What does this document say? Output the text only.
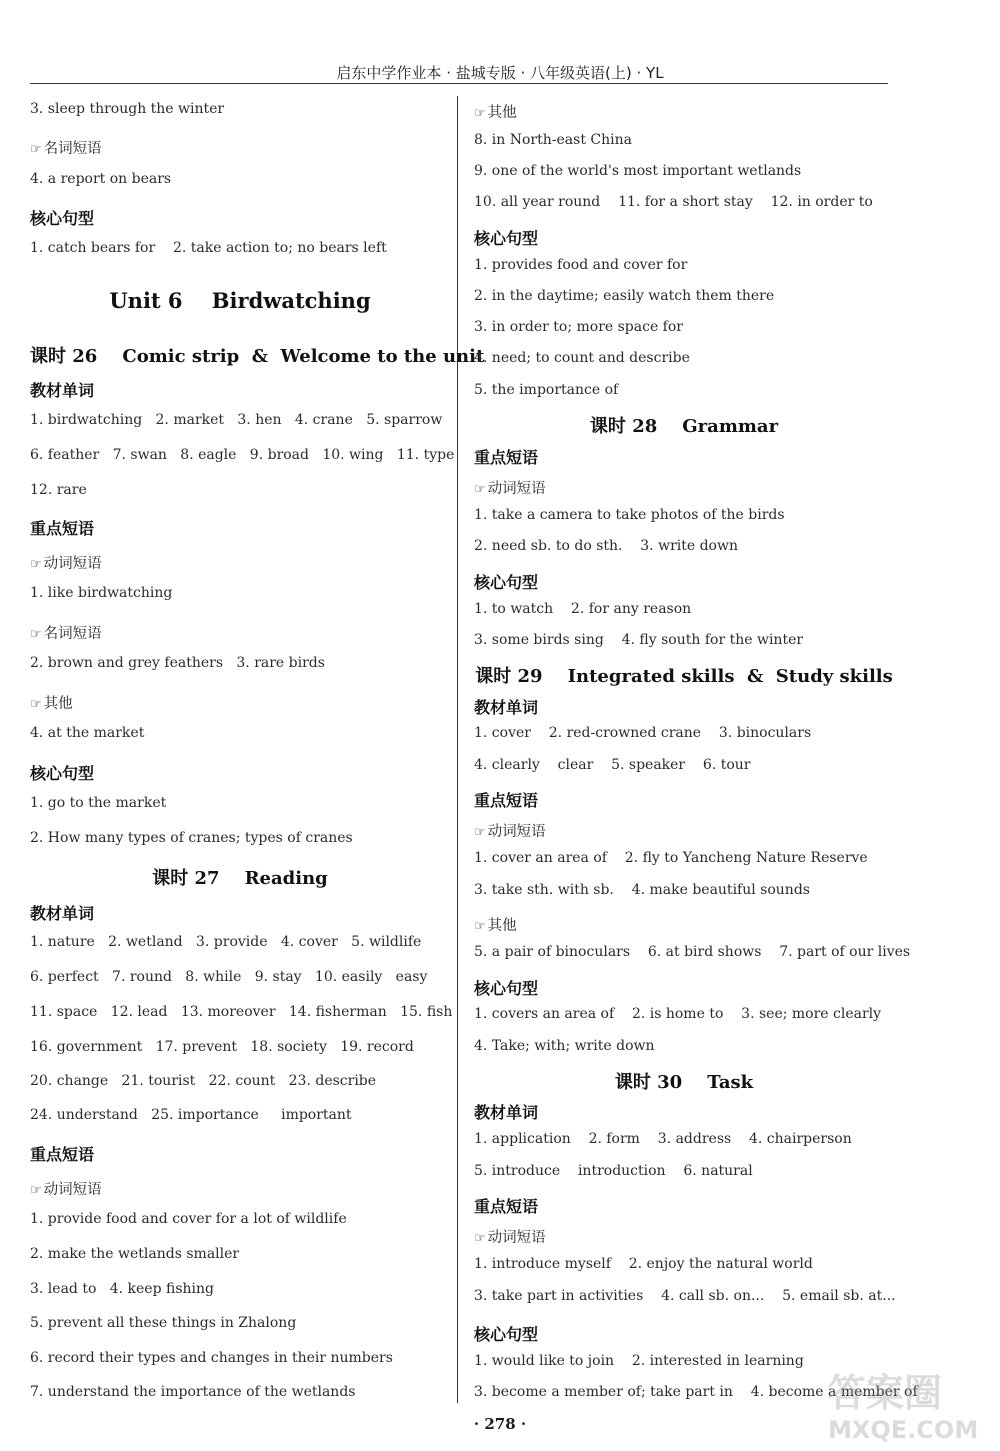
启东中学作业本 · 盐城专版 · 八年级英语(上) · YL
3. sleep through the winter
☞ 名词短语
4. a report on bears
核心句型
1. catch bears for    2. take action to; no bears left
Unit 6    Birdwatching
课时 26    Comic strip  &  Welcome to the unit
教材单词
1. birdwatching   2. market   3. hen   4. crane   5. sparrow
6. feather   7. swan   8. eagle   9. broad   10. wing   11. type
12. rare
重点短语
☞ 动词短语
1. like birdwatching
☞ 名词短语
2. brown and grey feathers   3. rare birds
☞ 其他
4. at the market
核心句型
1. go to the market
2. How many types of cranes; types of cranes
课时 27    Reading
教材单词
1. nature   2. wetland   3. provide   4. cover   5. wildlife
6. perfect   7. round   8. while   9. stay   10. easily   easy
11. space   12. lead   13. moreover   14. fisherman   15. fish
16. government   17. prevent   18. society   19. record
20. change   21. tourist   22. count   23. describe
24. understand   25. importance     important
重点短语
☞ 动词短语
1. provide food and cover for a lot of wildlife
2. make the wetlands smaller
3. lead to   4. keep fishing
5. prevent all these things in Zhalong
6. record their types and changes in their numbers
7. understand the importance of the wetlands
☞ 其他
8. in North-east China
9. one of the world's most important wetlands
10. all year round    11. for a short stay    12. in order to
核心句型
1. provides food and cover for
2. in the daytime; easily watch them there
3. in order to; more space for
4. need; to count and describe
5. the importance of
课时 28    Grammar
重点短语
☞ 动词短语
1. take a camera to take photos of the birds
2. need sb. to do sth.    3. write down
核心句型
1. to watch    2. for any reason
3. some birds sing    4. fly south for the winter
课时 29    Integrated skills  &  Study skills
教材单词
1. cover    2. red-crowned crane    3. binoculars
4. clearly    clear    5. speaker    6. tour
重点短语
☞ 动词短语
1. cover an area of    2. fly to Yancheng Nature Reserve
3. take sth. with sb.    4. make beautiful sounds
☞ 其他
5. a pair of binoculars    6. at bird shows    7. part of our lives
核心句型
1. covers an area of    2. is home to    3. see; more clearly
4. Take; with; write down
课时 30    Task
教材单词
1. application    2. form    3. address    4. chairperson
5. introduce    introduction    6. natural
重点短语
☞ 动词短语
1. introduce myself    2. enjoy the natural world
3. take part in activities    4. call sb. on...    5. email sb. at...
核心句型
1. would like to join    2. interested in learning
3. become a member of; take part in    4. become a member of
· 278 ·
答案圈
MXQE.COM
